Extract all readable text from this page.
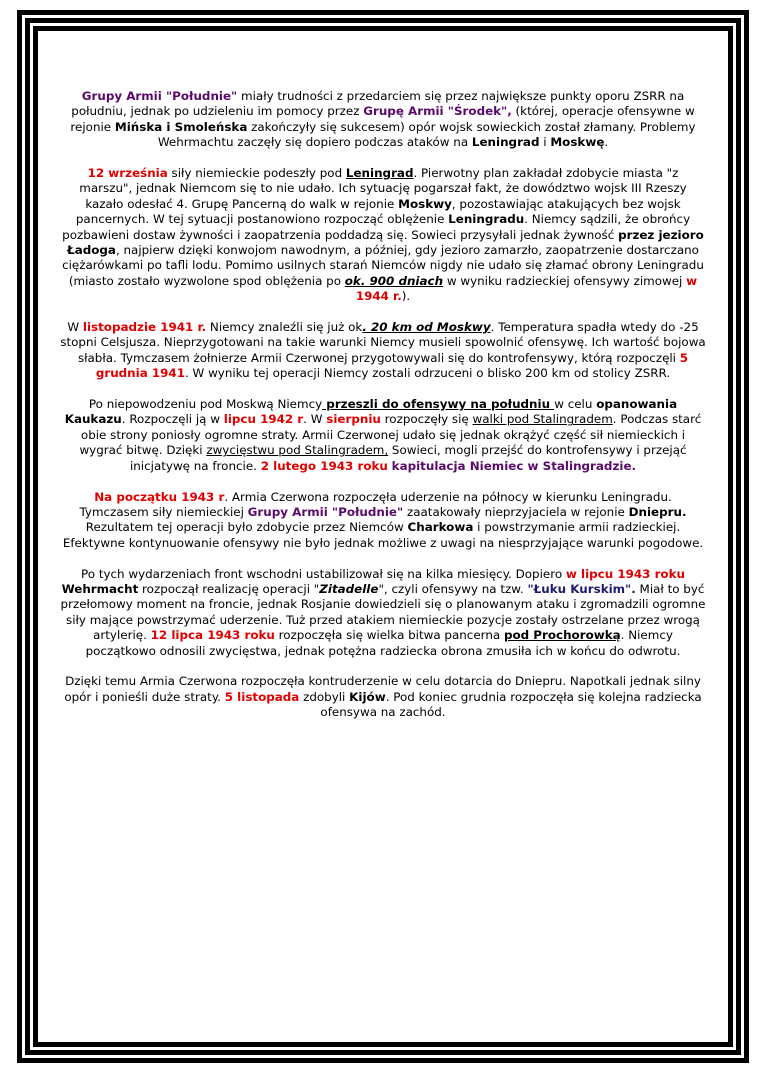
Grupy Armii "Południe" miały trudności z przedarciem się przez największe punkty oporu ZSRR na południu, jednak po udzieleniu im pomocy przez Grupę Armii "Środek", (której, operacje ofensywne w rejonie Mińska i Smoleńska zakończyły się sukcesem) opór wojsk sowieckich został złamany. Problemy Wehrmachtu zaczęły się dopiero podczas ataków na Leningrad i Moskwę.

12 września siły niemieckie podeszły pod Leningrad. Pierwotny plan zakładał zdobycie miasta "z marszu", jednak Niemcom się to nie udało. Ich sytuację pogarszał fakt, że dowództwo wojsk III Rzeszy kazało odesłać 4. Grupę Pancerną do walk w rejonie Moskwy, pozostawiając atakujących bez wojsk pancernych. W tej sytuacji postanowiono rozpocząć oblężenie Leningradu. Niemcy sądzili, że obrońcy pozbawieni dostaw żywności i zaopatrzenia poddadzą się. Sowieci przysyłali jednak żywność przez jezioro Ładoga, najpierw dzięki konwojom nawodnym, a później, gdy jezioro zamarzło, zaopatrzenie dostarczano ciężarówkami po tafli lodu. Pomimo usilnych starań Niemców nigdy nie udało się złamać obrony Leningradu (miasto zostało wyzwolone spod oblężenia po ok. 900 dniach w wyniku radzieckiej ofensywy zimowej w 1944 r.).

W listopadzie 1941 r. Niemcy znaleźli się już ok. 20 km od Moskwy. Temperatura spadła wtedy do -25 stopni Celsjusza. Nieprzygotowani na takie warunki Niemcy musieli spowolnić ofensywę. Ich wartość bojowa słabła. Tymczasem żołnierze Armii Czerwonej przygotowywali się do kontrofensywy, którą rozpoczęli 5 grudnia 1941. W wyniku tej operacji Niemcy zostali odrzuceni o blisko 200 km od stolicy ZSRR.

Po niepowodzeniu pod Moskwą Niemcy przeszli do ofensywy na południu w celu opanowania Kaukazu. Rozpoczęli ją w lipcu 1942 r. W sierpniu rozpoczęły się walki pod Stalingradem. Podczas starć obie strony poniosły ogromne straty. Armii Czerwonej udało się jednak okrążyć część sił niemieckich i wygrać bitwę. Dzięki zwycięstwu pod Stalingradem, Sowieci, mogli przejść do kontrofensywy i przejąć inicjatywę na froncie. 2 lutego 1943 roku kapitulacja Niemiec w Stalingradzie.

Na początku 1943 r. Armia Czerwona rozpoczęła uderzenie na północy w kierunku Leningradu. Tymczasem siły niemieckiej Grupy Armii "Południe" zaatakowały nieprzyjaciela w rejonie Dniepru. Rezultatem tej operacji było zdobycie przez Niemców Charkowa i powstrzymanie armii radzieckiej. Efektywne kontynuowanie ofensywy nie było jednak możliwe z uwagi na niesprzyjające warunki pogodowe.

Po tych wydarzeniach front wschodni ustabilizował się na kilka miesięcy. Dopiero w lipcu 1943 roku Wehrmacht rozpoczął realizację operacji "Zitadelle", czyli ofensywy na tzw. "Łuku Kurskim". Miał to być przełomowy moment na froncie, jednak Rosjanie dowiedzieli się o planowanym ataku i zgromadzili ogromne siły mające powstrzymać uderzenie. Tuż przed atakiem niemieckie pozycje zostały ostrzelane przez wrogą artylerię. 12 lipca 1943 roku rozpoczęła się wielka bitwa pancerna pod Prochorowką. Niemcy początkowo odnosili zwycięstwa, jednak potężna radziecka obrona zmusiła ich w końcu do odwrotu.

Dzięki temu Armia Czerwona rozpoczęła kontruderzenie w celu dotarcia do Dniepru. Napotkali jednak silny opór i ponieśli duże straty. 5 listopada zdobyli Kijów. Pod koniec grudnia rozpoczęła się kolejna radziecka ofensywa na zachód.
